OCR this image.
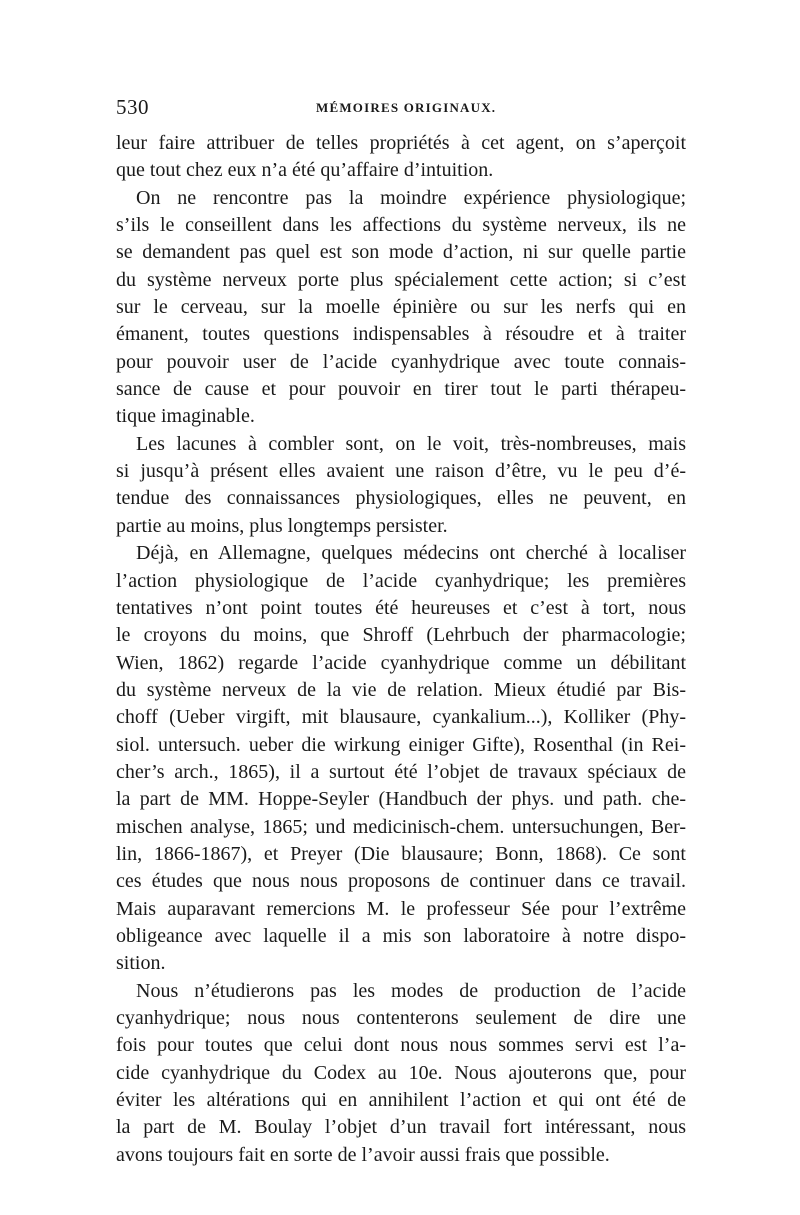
530	MÉMOIRES ORIGINAUX.
leur faire attribuer de telles propriétés à cet agent, on s’aperçoit
que tout chez eux n’a été qu’affaire d’intuition.
On ne rencontre pas la moindre expérience physiologique;
s’ils le conseillent dans les affections du système nerveux, ils ne
se demandent pas quel est son mode d’action, ni sur quelle partie
du système nerveux porte plus spécialement cette action; si c’est
sur le cerveau, sur la moelle épinière ou sur les nerfs qui en
émanent, toutes questions indispensables à résoudre et à traiter
pour pouvoir user de l’acide cyanhydrique avec toute connais-
sance de cause et pour pouvoir en tirer tout le parti thérapeu-
tique imaginable.
Les lacunes à combler sont, on le voit, très-nombreuses, mais
si jusqu’à présent elles avaient une raison d’être, vu le peu d’é-
tendue des connaissances physiologiques, elles ne peuvent, en
partie au moins, plus longtemps persister.
Déjà, en Allemagne, quelques médecins ont cherché à localiser
l’action physiologique de l’acide cyanhydrique; les premières
tentatives n’ont point toutes été heureuses et c’est à tort, nous
le croyons du moins, que Shroff (Lehrbuch der pharmacologie;
Wien, 1862) regarde l’acide cyanhydrique comme un débilitant
du système nerveux de la vie de relation. Mieux étudié par Bis-
choff (Ueber virgift, mit blausaure, cyankalium...), Kolliker (Phy-
siol. untersuch. ueber die wirkung einiger Gifte), Rosenthal (in Rei-
cher’s arch., 1865), il a surtout été l’objet de travaux spéciaux de
la part de MM. Hoppe-Seyler (Handbuch der phys. und path. che-
mischen analyse, 1865; und medicinisch-chem. untersuchungen, Ber-
lin, 1866-1867), et Preyer (Die blausaure; Bonn, 1868). Ce sont
ces études que nous nous proposons de continuer dans ce travail.
Mais auparavant remercions M. le professeur Sée pour l’extrême
obligeance avec laquelle il a mis son laboratoire à notre dispo-
sition.
Nous n’étudierons pas les modes de production de l’acide
cyanhydrique; nous nous contenterons seulement de dire une
fois pour toutes que celui dont nous nous sommes servi est l’a-
cide cyanhydrique du Codex au 10e. Nous ajouterons que, pour
éviter les altérations qui en annihilent l’action et qui ont été de
la part de M. Boulay l’objet d’un travail fort intéressant, nous
avons toujours fait en sorte de l’avoir aussi frais que possible.
